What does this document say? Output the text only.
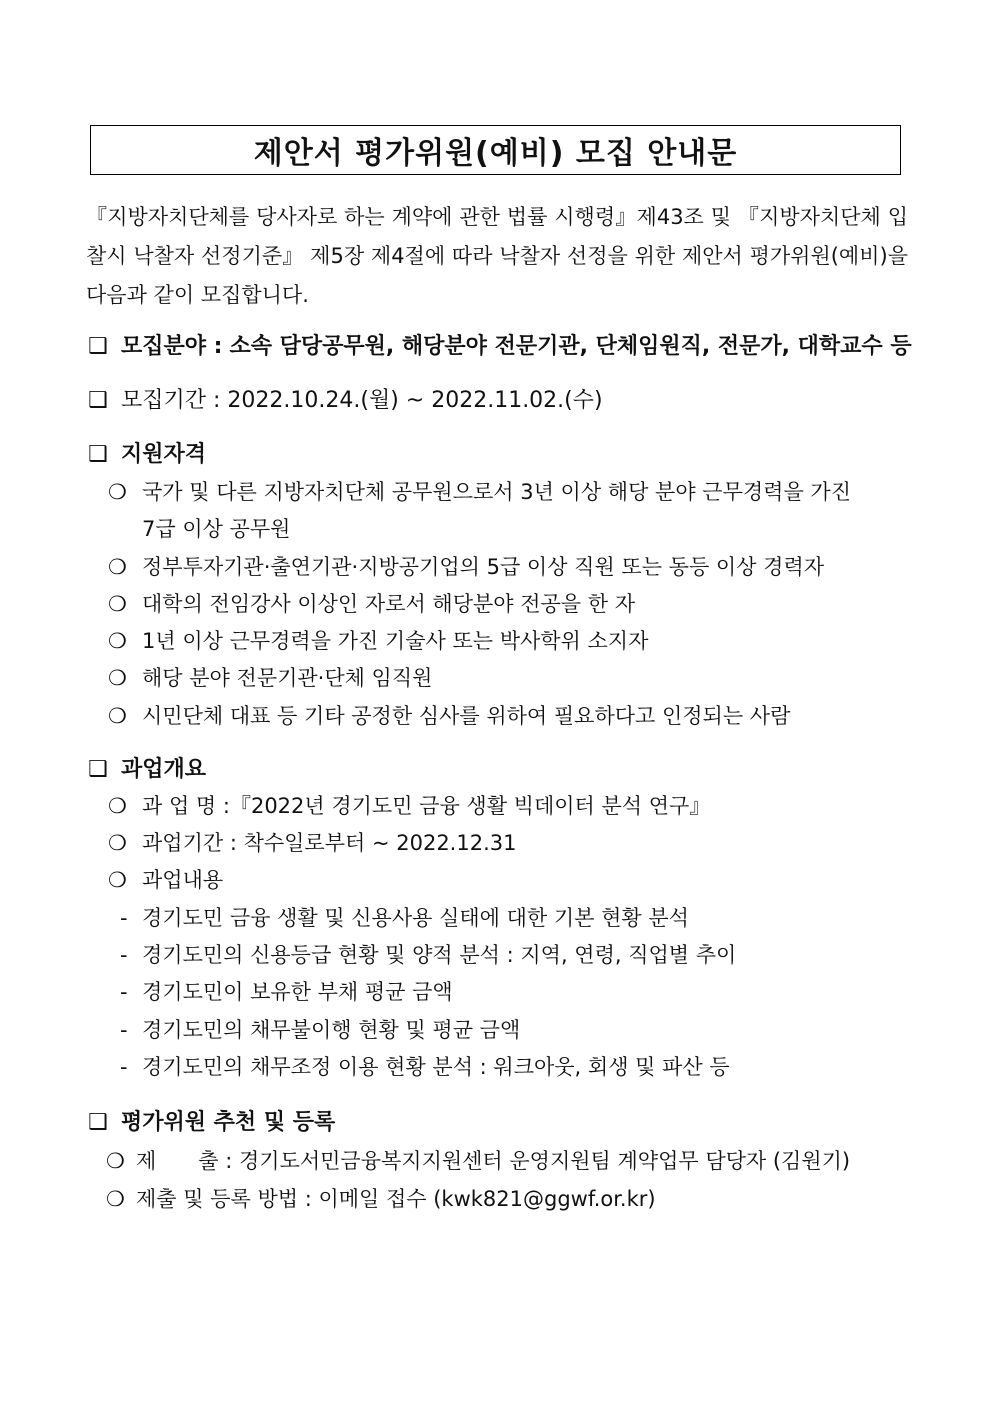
제안서 평가위원(예비) 모집 안내문
『지방자치단체를 당사자로 하는 계약에 관한 법률 시행령』제43조 및 『지방자치단체 입찰시 낙찰자 선정기준』 제5장 제4절에 따라 낙찰자 선정을 위한 제안서 평가위원(예비)을 다음과 같이 모집합니다.
❑ 모집분야 : 소속 담당공무원, 해당분야 전문기관, 단체임원직, 전문가, 대학교수 등
❑ 모집기간 : 2022.10.24.(월) ~ 2022.11.02.(수)
❑ 지원자격
❍ 국가 및 다른 지방자치단체 공무원으로서 3년 이상 해당 분야 근무경력을 가진
7급 이상 공무원
❍ 정부투자기관·출연기관·지방공기업의 5급 이상 직원 또는 동등 이상 경력자
❍ 대학의 전임강사 이상인 자로서 해당분야 전공을 한 자
❍ 1년 이상 근무경력을 가진 기술사 또는 박사학위 소지자
❍ 해당 분야 전문기관·단체 임직원
❍ 시민단체 대표 등 기타 공정한 심사를 위하여 필요하다고 인정되는 사람
❑ 과업개요
❍ 과 업 명 :『2022년 경기도민 금융 생활 빅데이터 분석 연구』
❍ 과업기간 : 착수일로부터 ~ 2022.12.31
❍ 과업내용
- 경기도민 금융 생활 및 신용사용 실태에 대한 기본 현황 분석
- 경기도민의 신용등급 현황 및 양적 분석 : 지역, 연령, 직업별 추이
- 경기도민이 보유한 부채 평균 금액
- 경기도민의 채무불이행 현황 및 평균 금액
- 경기도민의 채무조정 이용 현황 분석 : 워크아웃, 회생 및 파산 등
❑ 평가위원 추천 및 등록
❍ 제　　출 : 경기도서민금융복지지원센터 운영지원팀 계약업무 담당자 (김원기)
❍ 제출 및 등록 방법 : 이메일 접수 (kwk821@ggwf.or.kr)
